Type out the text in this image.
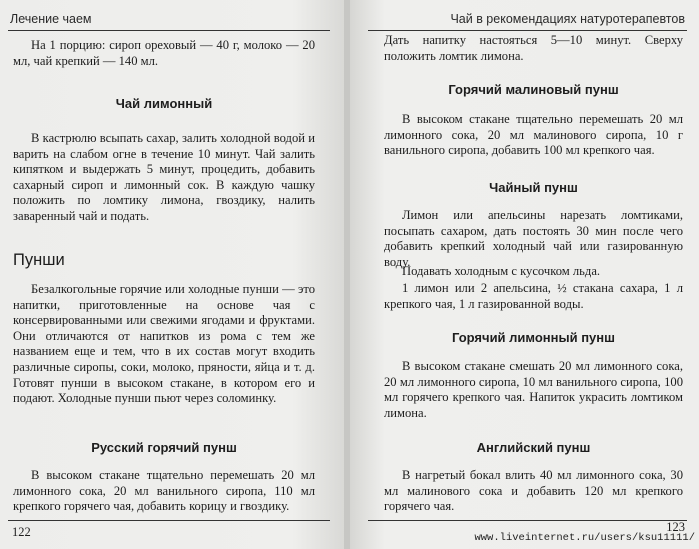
Лечение чаем

На 1 порцию: сироп ореховый — 40 г, молоко — 20 мл, чай крепкий — 140 мл.

Чай лимонный

В кастрюлю всыпать сахар, залить холодной водой и варить на слабом огне в течение 10 минут. Чай залить кипятком и выдержать 5 минут, процедить, добавить сахарный сироп и лимонный сок. В каждую чашку положить по ломтику лимона, гвоздику, налить заваренный чай и подать.

Пунши

Безалкогольные горячие или холодные пунши — это напитки, приготовленные на основе чая с консервированными или свежими ягодами и фруктами. Они отличаются от напитков из рома с тем же названием еще и тем, что в их состав могут входить различные сиропы, соки, молоко, пряности, яйца и т. д. Готовят пунши в высоком стакане, в котором его и подают. Холодные пунши пьют через соломинку.

Русский горячий пунш

В высоком стакане тщательно перемешать 20 мл лимонного сока, 20 мл ванильного сиропа, 110 мл крепкого горячего чая, добавить корицу и гвоздику.

122
Чай в рекомендациях натуротерапевтов

Дать напитку настояться 5—10 минут. Сверху положить ломтик лимона.

Горячий малиновый пунш

В высоком стакане тщательно перемешать 20 мл лимонного сока, 20 мл малинового сиропа, 10 г ванильного сиропа, добавить 100 мл крепкого чая.

Чайный пунш

Лимон или апельсины нарезать ломтиками, посыпать сахаром, дать постоять 30 мин после чего добавить крепкий холодный чай или газированную воду.

Подавать холодным с кусочком льда.

1 лимон или 2 апельсина, ½ стакана сахара, 1 л крепкого чая, 1 л газированной воды.

Горячий лимонный пунш

В высоком стакане смешать 20 мл лимонного сока, 20 мл лимонного сиропа, 10 мл ванильного сиропа, 100 мл горячего крепкого чая. Напиток украсить ломтиком лимона.

Английский пунш

В нагретый бокал влить 40 мл лимонного сока, 30 мл малинового сока и добавить 120 мл крепкого горячего чая.

123
www.liveinternet.ru/users/ksu11111/
